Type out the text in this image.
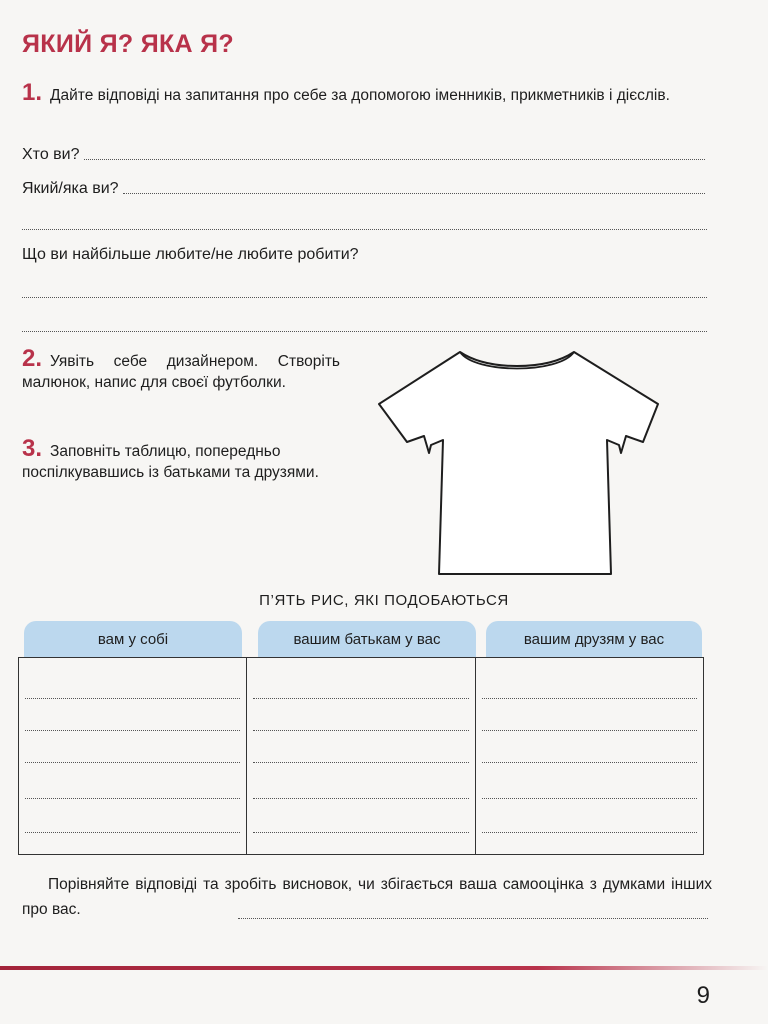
ЯКИЙ Я? ЯКА Я?
1. Дайте відповіді на запитання про себе за допомогою іменників, прикметників і дієслів.
Хто ви?
Який/яка ви?
Що ви найбільше любите/не любите робити?
2. Уявіть себе дизайнером. Створіть малюнок, напис для своєї футболки.
3. Заповніть таблицю, попередньо поспілкувавшись із батьками та друзями.
П’ЯТЬ РИС, ЯКІ ПОДОБАЮТЬСЯ
вам у собі	вашим батькам у вас	вашим друзям у вас
Порівняйте відповіді та зробіть висновок, чи збігається ваша самооцінка з думками інших про вас.
9
